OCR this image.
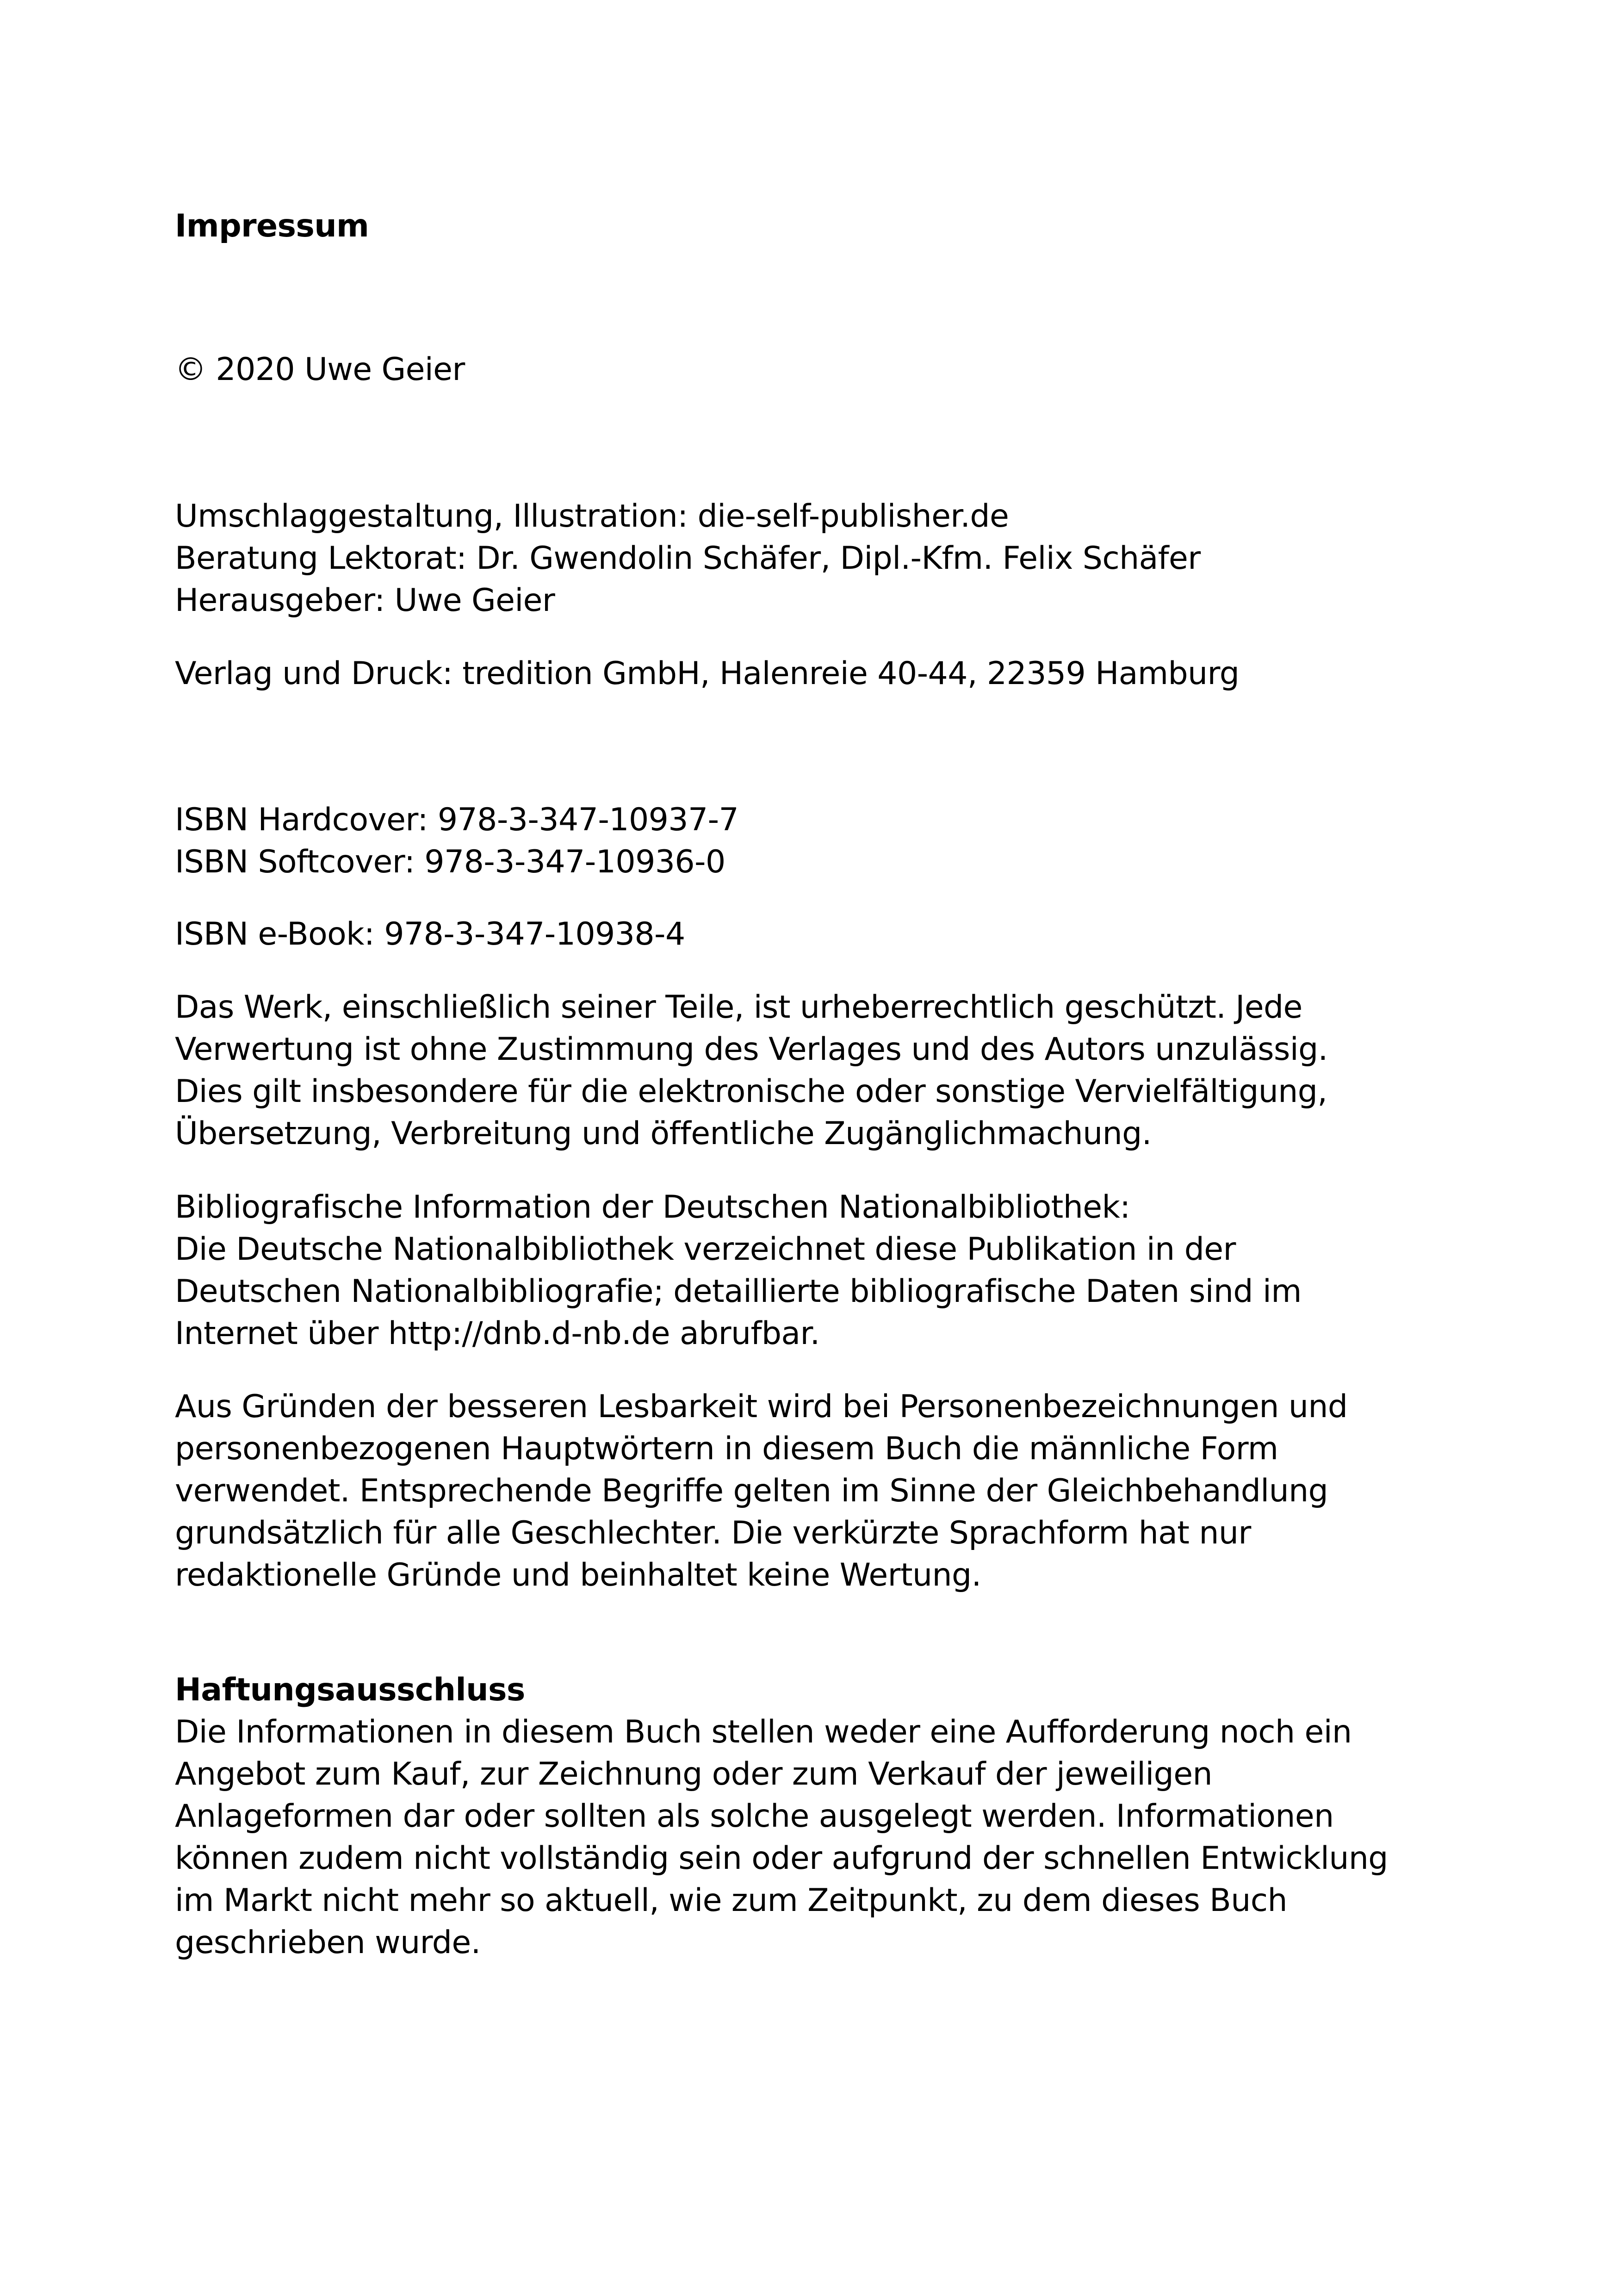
Impressum
© 2020 Uwe Geier
Umschlaggestaltung, Illustration: die-self-publisher.de
Beratung Lektorat: Dr. Gwendolin Schäfer, Dipl.-Kfm. Felix Schäfer
Herausgeber: Uwe Geier
Verlag und Druck: tredition GmbH, Halenreie 40-44, 22359 Hamburg
ISBN Hardcover: 978-3-347-10937-7
ISBN Softcover: 978-3-347-10936-0
ISBN e-Book: 978-3-347-10938-4
Das Werk, einschließlich seiner Teile, ist urheberrechtlich geschützt. Jede
Verwertung ist ohne Zustimmung des Verlages und des Autors unzulässig.
Dies gilt insbesondere für die elektronische oder sonstige Vervielfältigung,
Übersetzung, Verbreitung und öffentliche Zugänglichmachung.
Bibliografische Information der Deutschen Nationalbibliothek:
Die Deutsche Nationalbibliothek verzeichnet diese Publikation in der
Deutschen Nationalbibliografie; detaillierte bibliografische Daten sind im
Internet über http://dnb.d-nb.de abrufbar.
Aus Gründen der besseren Lesbarkeit wird bei Personenbezeichnungen und
personenbezogenen Hauptwörtern in diesem Buch die männliche Form
verwendet. Entsprechende Begriffe gelten im Sinne der Gleichbehandlung
grundsätzlich für alle Geschlechter. Die verkürzte Sprachform hat nur
redaktionelle Gründe und beinhaltet keine Wertung.
Haftungsausschluss
Die Informationen in diesem Buch stellen weder eine Aufforderung noch ein
Angebot zum Kauf, zur Zeichnung oder zum Verkauf der jeweiligen
Anlageformen dar oder sollten als solche ausgelegt werden. Informationen
können zudem nicht vollständig sein oder aufgrund der schnellen Entwicklung
im Markt nicht mehr so aktuell, wie zum Zeitpunkt, zu dem dieses Buch
geschrieben wurde.
